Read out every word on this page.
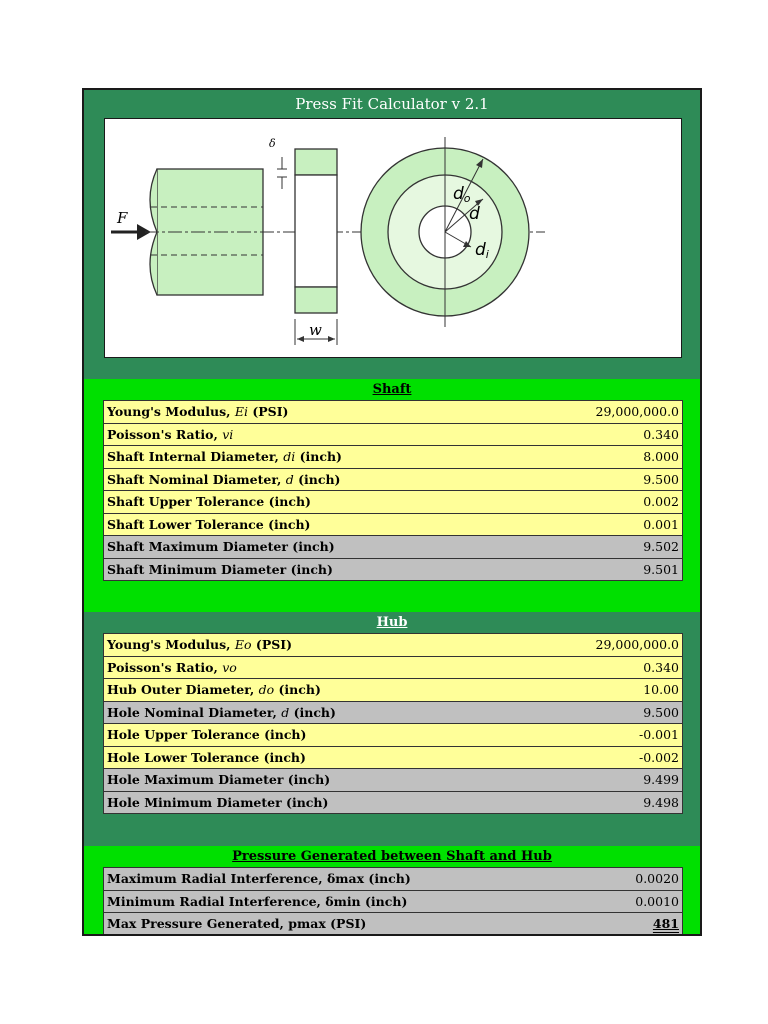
Press Fit Calculator v 2.1
F
δ
w
do
d
di
Shaft
Young's Modulus, Ei (PSI)	29,000,000.0
Poisson's Ratio, vi	0.340
Shaft Internal Diameter, di (inch)	8.000
Shaft Nominal Diameter, d (inch)	9.500
Shaft Upper Tolerance (inch)	0.002
Shaft Lower Tolerance (inch)	0.001
Shaft Maximum Diameter (inch)	9.502
Shaft Minimum Diameter (inch)	9.501
Hub
Young's Modulus, Eo (PSI)	29,000,000.0
Poisson's Ratio, vo	0.340
Hub Outer Diameter, do (inch)	10.00
Hole Nominal Diameter, d (inch)	9.500
Hole Upper Tolerance (inch)	-0.001
Hole Lower Tolerance (inch)	-0.002
Hole Maximum Diameter (inch)	9.499
Hole Minimum Diameter (inch)	9.498
Pressure Generated between Shaft and Hub
Maximum Radial Interference, δmax (inch)	0.0020
Minimum Radial Interference, δmin (inch)	0.0010
Max Pressure Generated, pmax (PSI)	481
